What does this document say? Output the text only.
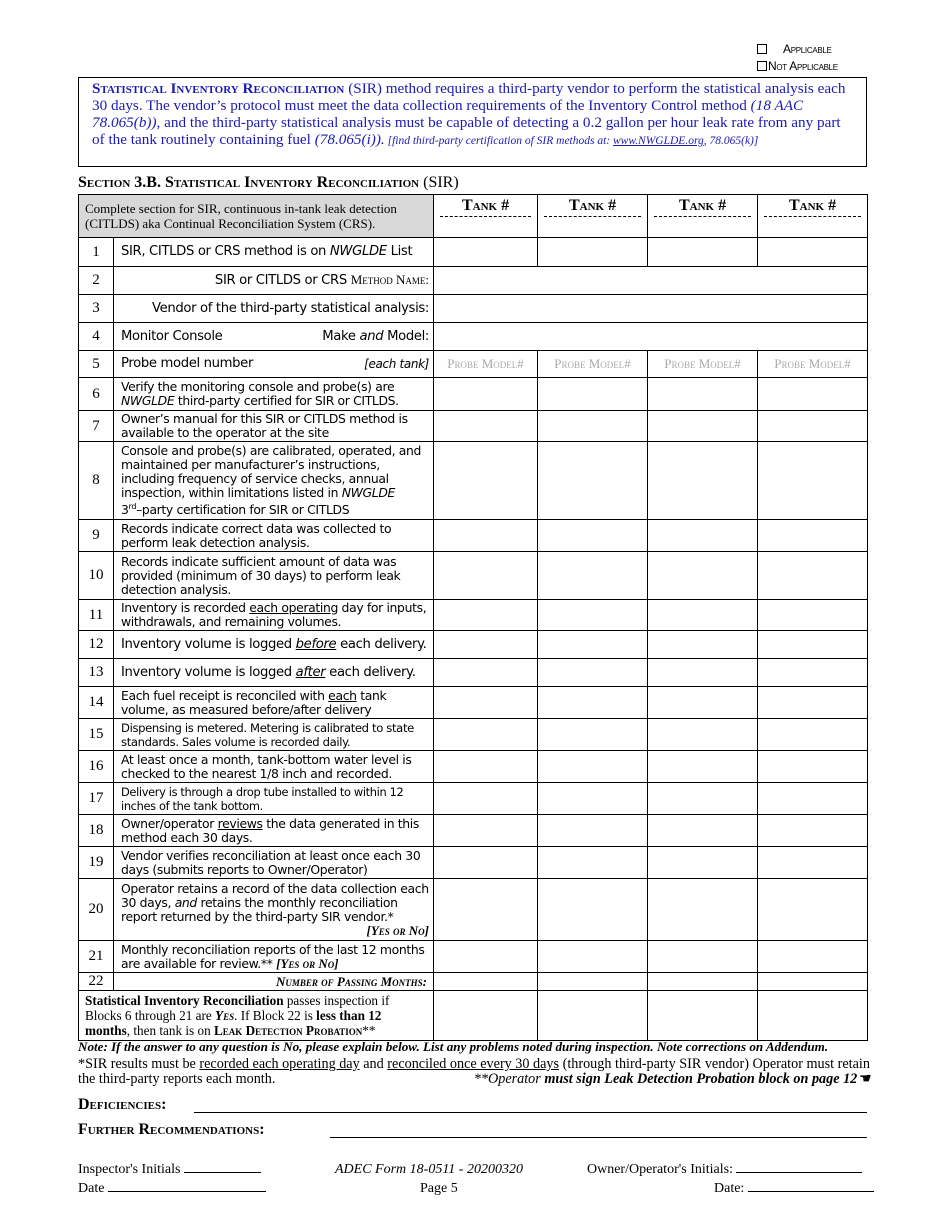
Applicable
Not Applicable
Statistical Inventory Reconciliation (SIR) method requires a third-party vendor to perform the statistical analysis each 30 days. The vendor’s protocol must meet the data collection requirements of the Inventory Control method (18 AAC 78.065(b)), and the third-party statistical analysis must be capable of detecting a 0.2 gallon per hour leak rate from any part of the tank routinely containing fuel (78.065(i)). [find third-party certification of SIR methods at: www.NWGLDE.org, 78.065(k)]
Section 3.B. Statistical Inventory Reconciliation (SIR)
Complete section for SIR, continuous in-tank leak detection (CITLDS) aka Continual Reconciliation System (CRS).		Tank #	Tank #	Tank #	Tank #

1	SIR, CITLDS or CRS method is on NWGLDE List				
2	SIR or CITLDS or CRS Method Name:				
3	Vendor of the third-party statistical analysis:				
4	Monitor Console Make and Model:				

5	Probe model number [each tank]	Probe Model#	Probe Model#	Probe Model#	Probe Model#
6	Verify the monitoring console and probe(s) are NWGLDE third-party certified for SIR or CITLDS.				
7	Owner’s manual for this SIR or CITLDS method is available to the operator at the site				
8	Console and probe(s) are calibrated, operated, and maintained per manufacturer’s instructions, including frequency of service checks, annual inspection, within limitations listed in NWGLDE
3rd–party certification for SIR or CITLDS				
9	Records indicate correct data was collected to perform leak detection analysis.				
10	Records indicate sufficient amount of data was provided (minimum of 30 days) to perform leak detection analysis.				
11	Inventory is recorded each operating day for inputs, withdrawals, and remaining volumes.				
12	Inventory volume is logged before each delivery.				
13	Inventory volume is logged after each delivery.				
14	Each fuel receipt is reconciled with each tank volume, as measured before/after delivery				
15	Dispensing is metered. Metering is calibrated to state standards. Sales volume is recorded daily.				
16	At least once a month, tank-bottom water level is checked to the nearest 1/8 inch and recorded.				
17	Delivery is through a drop tube installed to within 12 inches of the tank bottom.				
18	Owner/operator reviews the data generated in this method each 30 days.				
19	Vendor verifies reconciliation at least once each 30 days (submits reports to Owner/Operator)				
20	Operator retains a record of the data collection each 30 days, and retains the monthly reconciliation report returned by the third-party SIR vendor.*
[Yes or No]				

21	Monthly reconciliation reports of the last 12 months are available for review.** [Yes or No]				
22	Number of Passing Months:				
Statistical Inventory Reconciliation passes inspection if Blocks 6 through 21 are Yes. If Block 22 is less than 12 months, then tank is on Leak Detection Probation**					
Note: If the answer to any question is No, please explain below. List any problems noted during inspection. Note corrections on Addendum.
*SIR results must be recorded each operating day and reconciled once every 30 days (through third-party SIR vendor) Operator must retain the third-party reports each month.	**Operator must sign Leak Detection Probation block on page 12☚
Deficiencies:
Further Recommendations:
Inspector's Initials
Date
ADEC Form 18-0511 - 20200320
Page 5
Owner/Operator's Initials:
Date:
